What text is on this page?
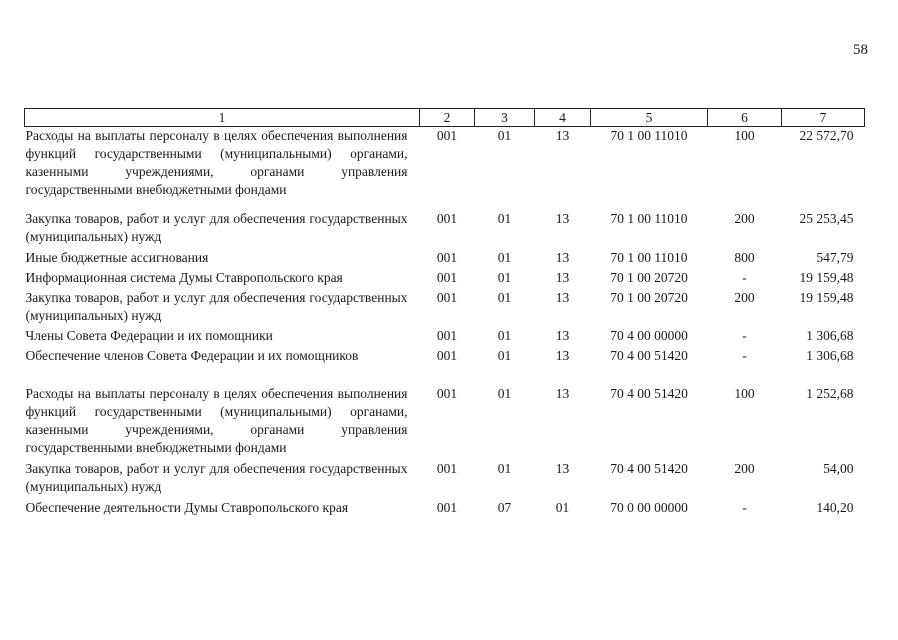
58
1	2	3	4	5	6	7
Расходы на выплаты персоналу в целях обеспечения выполнения функций государственными (муниципальными) органами, казенными учреждениями, органами управления государственными внебюджетными фондами	001	01	13	70 1 00 11010	100	22 572,70
Закупка товаров, работ и услуг для обеспечения государственных (муниципальных) нужд	001	01	13	70 1 00 11010	200	25 253,45
Иные бюджетные ассигнования	001	01	13	70 1 00 11010	800	547,79
Информационная система Думы Ставропольского края	001	01	13	70 1 00 20720	-	19 159,48
Закупка товаров, работ и услуг для обеспечения государственных (муниципальных) нужд	001	01	13	70 1 00 20720	200	19 159,48
Члены Совета Федерации и их помощники	001	01	13	70 4 00 00000	-	1 306,68
Обеспечение членов Совета Федерации и их помощников	001	01	13	70 4 00 51420	-	1 306,68
Расходы на выплаты персоналу в целях обеспечения выполнения функций государственными (муниципальными) органами, казенными учреждениями, органами управления государственными внебюджетными фондами	001	01	13	70 4 00 51420	100	1 252,68
Закупка товаров, работ и услуг для обеспечения государственных (муниципальных) нужд	001	01	13	70 4 00 51420	200	54,00
Обеспечение деятельности Думы Ставропольского края	001	07	01	70 0 00 00000	-	140,20
